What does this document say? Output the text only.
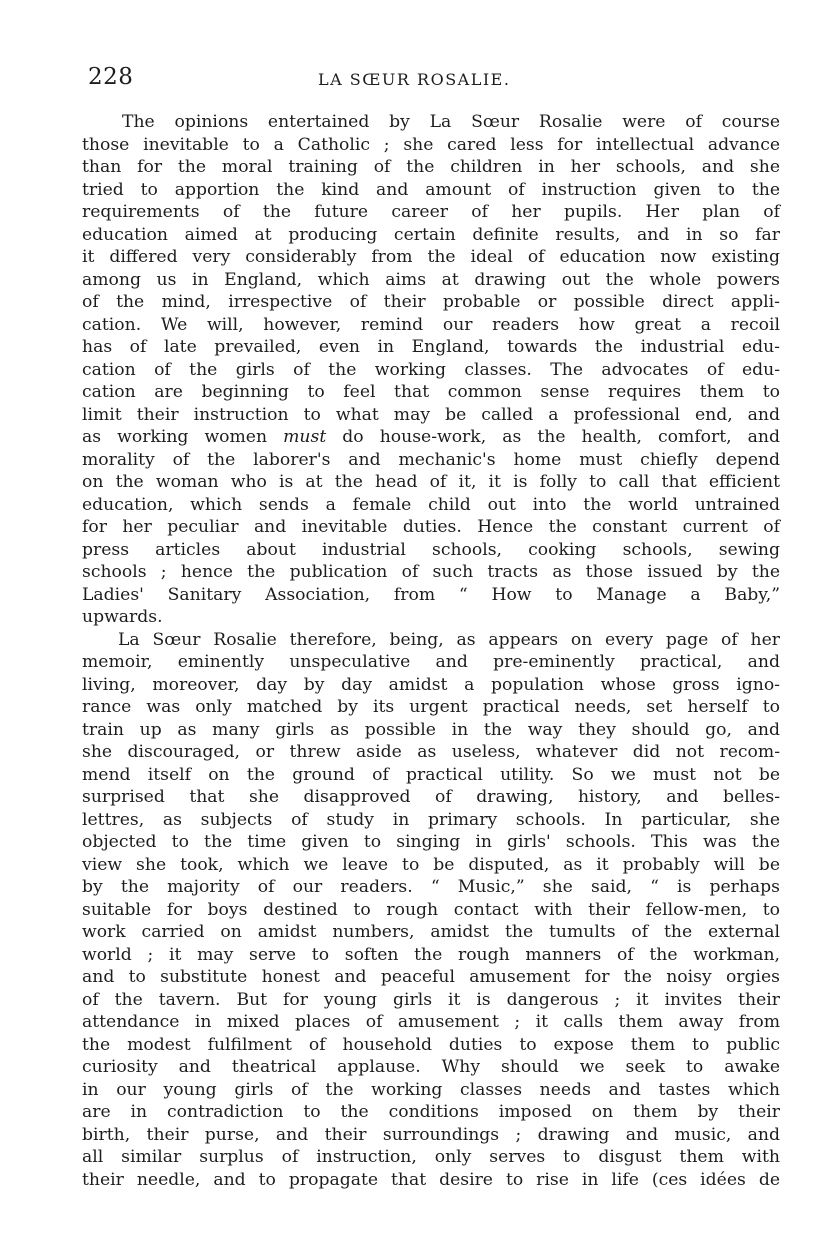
228	LA SŒUR ROSALIE.
The opinions entertained by La Sœur Rosalie were of course
those inevitable to a Catholic ; she cared less for intellectual advance
than for the moral training of the children in her schools, and she
tried to apportion the kind and amount of instruction given to the
requirements of the future career of her pupils. Her plan of
education aimed at producing certain definite results, and in so far
it differed very considerably from the ideal of education now existing
among us in England, which aims at drawing out the whole powers
of the mind, irrespective of their probable or possible direct appli-
cation. We will, however, remind our readers how great a recoil
has of late prevailed, even in England, towards the industrial edu-
cation of the girls of the working classes. The advocates of edu-
cation are beginning to feel that common sense requires them to
limit their instruction to what may be called a professional end, and
as working women must do house-work, as the health, comfort, and
morality of the laborer's and mechanic's home must chiefly depend
on the woman who is at the head of it, it is folly to call that efficient
education, which sends a female child out into the world untrained
for her peculiar and inevitable duties. Hence the constant current of
press articles about industrial schools, cooking schools, sewing
schools ; hence the publication of such tracts as those issued by the
Ladies' Sanitary Association, from “ How to Manage a Baby,”
upwards.
La Sœur Rosalie therefore, being, as appears on every page of her
memoir, eminently unspeculative and pre-eminently practical, and
living, moreover, day by day amidst a population whose gross igno-
rance was only matched by its urgent practical needs, set herself to
train up as many girls as possible in the way they should go, and
she discouraged, or threw aside as useless, whatever did not recom-
mend itself on the ground of practical utility. So we must not be
surprised that she disapproved of drawing, history, and belles-
lettres, as subjects of study in primary schools. In particular, she
objected to the time given to singing in girls' schools. This was the
view she took, which we leave to be disputed, as it probably will be
by the majority of our readers. “ Music,” she said, “ is perhaps
suitable for boys destined to rough contact with their fellow-men, to
work carried on amidst numbers, amidst the tumults of the external
world ; it may serve to soften the rough manners of the workman,
and to substitute honest and peaceful amusement for the noisy orgies
of the tavern. But for young girls it is dangerous ; it invites their
attendance in mixed places of amusement ; it calls them away from
the modest fulfilment of household duties to expose them to public
curiosity and theatrical applause. Why should we seek to awake
in our young girls of the working classes needs and tastes which
are in contradiction to the conditions imposed on them by their
birth, their purse, and their surroundings ; drawing and music, and
all similar surplus of instruction, only serves to disgust them with
their needle, and to propagate that desire to rise in life (ces idées de
